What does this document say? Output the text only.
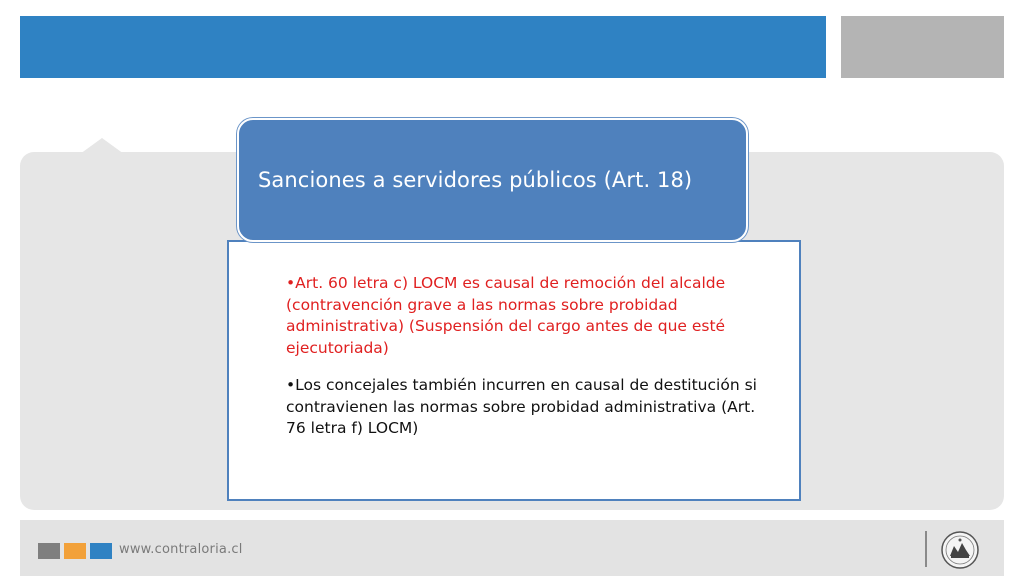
Sanciones a servidores públicos (Art. 18)
•Art. 60 letra c) LOCM es causal de remoción del alcalde (contravención grave a las normas sobre probidad administrativa) (Suspensión del cargo antes de que esté ejecutoriada)
•Los concejales también incurren en causal de destitución si contravienen las normas sobre probidad administrativa (Art. 76 letra f) LOCM)
www.contraloria.cl
